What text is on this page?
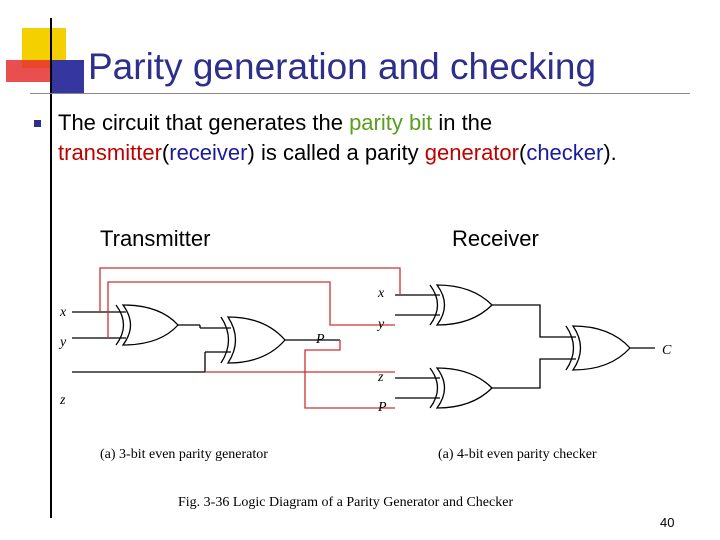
Parity generation and checking
The circuit that generates the parity bit in the
transmitter(receiver) is called a parity generator(checker).
Transmitter	Receiver
x
y
z
P
x
y
z
P
C
(a) 3-bit even parity generator	(a) 4-bit even parity checker
Fig. 3-36 Logic Diagram of a Parity Generator and Checker
40
